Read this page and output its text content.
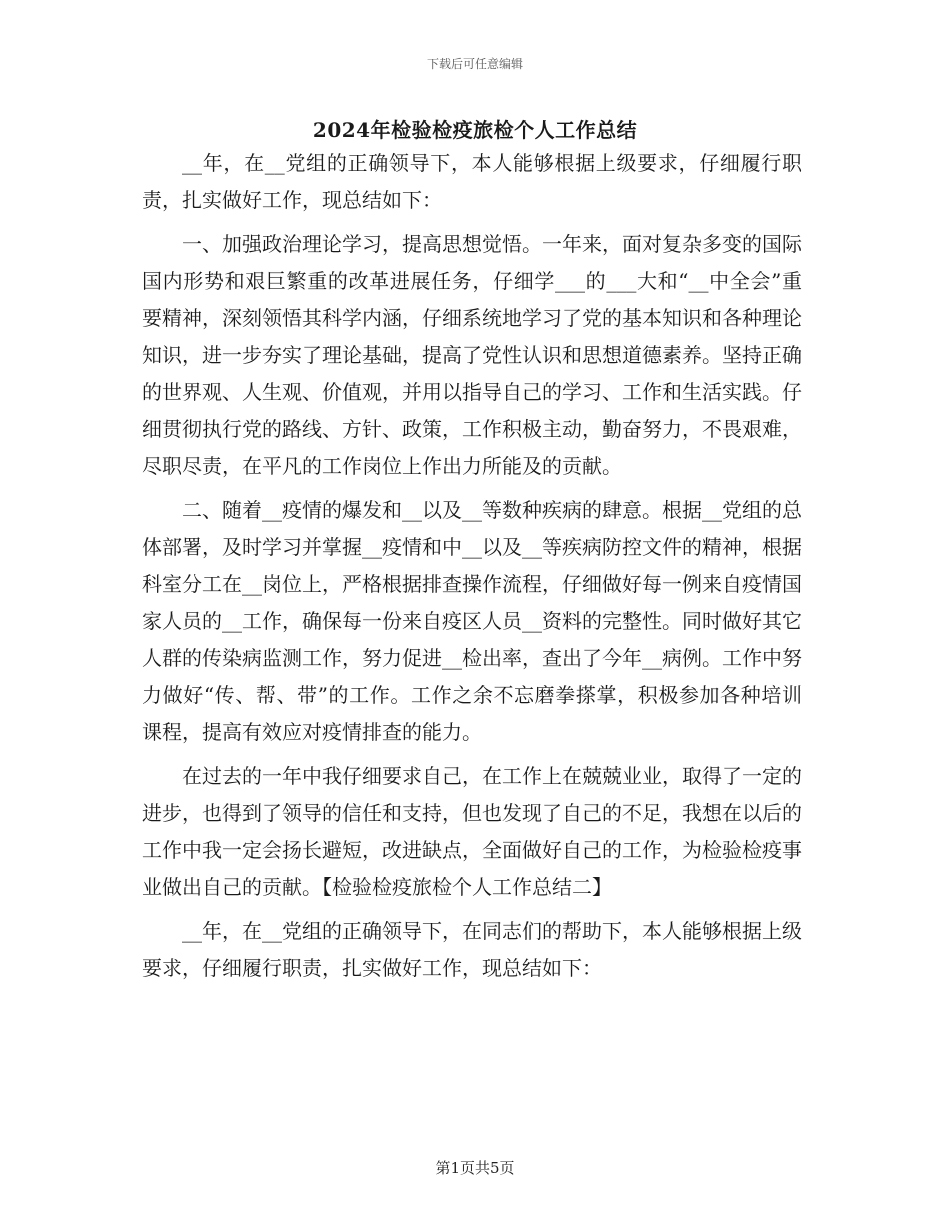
下载后可任意编辑
2024年检验检疫旅检个人工作总结

__年，在__党组的正确领导下，本人能够根据上级要求，仔细履行职责，扎实做好工作，现总结如下：

一、加强政治理论学习，提高思想觉悟。一年来，面对复杂多变的国际国内形势和艰巨繁重的改革进展任务，仔细学___的___大和“__中全会”重要精神，深刻领悟其科学内涵，仔细系统地学习了党的基本知识和各种理论知识，进一步夯实了理论基础，提高了党性认识和思想道德素养。坚持正确的世界观、人生观、价值观，并用以指导自己的学习、工作和生活实践。仔细贯彻执行党的路线、方针、政策，工作积极主动，勤奋努力，不畏艰难，尽职尽责，在平凡的工作岗位上作出力所能及的贡献。

二、随着__疫情的爆发和__以及__等数种疾病的肆意。根据__党组的总体部署，及时学习并掌握__疫情和中__以及__等疾病防控文件的精神，根据科室分工在__岗位上，严格根据排查操作流程，仔细做好每一例来自疫情国家人员的__工作，确保每一份来自疫区人员__资料的完整性。同时做好其它人群的传染病监测工作，努力促进__检出率，查出了今年__病例。工作中努力做好“传、帮、带”的工作。工作之余不忘磨拳搽掌，积极参加各种培训课程，提高有效应对疫情排查的能力。

在过去的一年中我仔细要求自己，在工作上在兢兢业业，取得了一定的进步，也得到了领导的信任和支持，但也发现了自己的不足，我想在以后的工作中我一定会扬长避短，改进缺点，全面做好自己的工作，为检验检疫事业做出自己的贡献。【检验检疫旅检个人工作总结二】

__年，在__党组的正确领导下，在同志们的帮助下，本人能够根据上级要求，仔细履行职责，扎实做好工作，现总结如下：

第1页共5页
